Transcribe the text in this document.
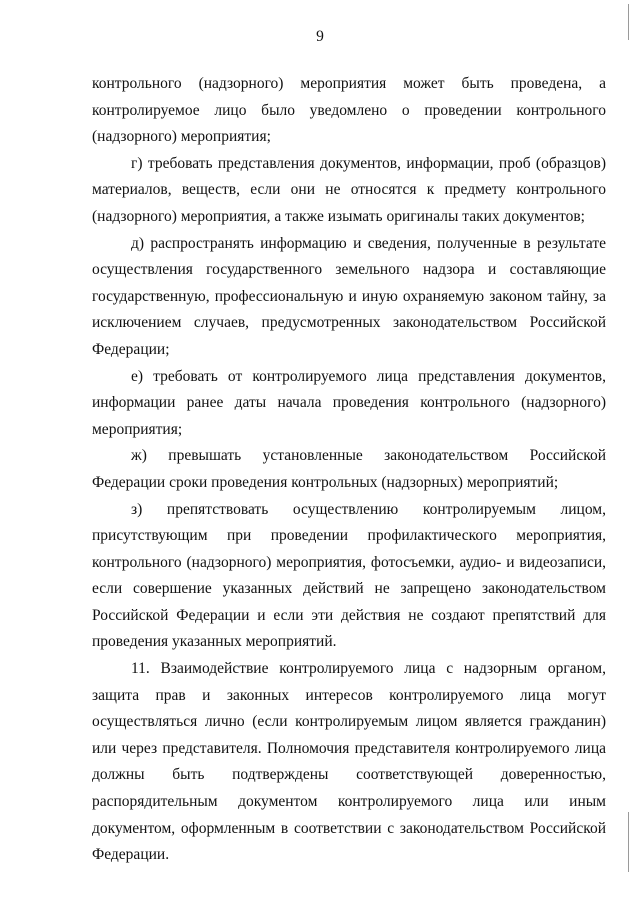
9

контрольного (надзорного) мероприятия может быть проведена, а контролируемое лицо было уведомлено о проведении контрольного (надзорного) мероприятия;

г) требовать представления документов, информации, проб (образцов) материалов, веществ, если они не относятся к предмету контрольного (надзорного) мероприятия, а также изымать оригиналы таких документов;

д) распространять информацию и сведения, полученные в результате осуществления государственного земельного надзора и составляющие государственную, профессиональную и иную охраняемую законом тайну, за исключением случаев, предусмотренных законодательством Российской Федерации;

е) требовать от контролируемого лица представления документов, информации ранее даты начала проведения контрольного (надзорного) мероприятия;

ж) превышать установленные законодательством Российской Федерации сроки проведения контрольных (надзорных) мероприятий;

з) препятствовать осуществлению контролируемым лицом, присутствующим при проведении профилактического мероприятия, контрольного (надзорного) мероприятия, фотосъемки, аудио- и видеозаписи, если совершение указанных действий не запрещено законодательством Российской Федерации и если эти действия не создают препятствий для проведения указанных мероприятий.

11. Взаимодействие контролируемого лица с надзорным органом, защита прав и законных интересов контролируемого лица могут осуществляться лично (если контролируемым лицом является гражданин) или через представителя. Полномочия представителя контролируемого лица должны быть подтверждены соответствующей доверенностью, распорядительным документом контролируемого лица или иным документом, оформленным в соответствии с законодательством Российской Федерации.
